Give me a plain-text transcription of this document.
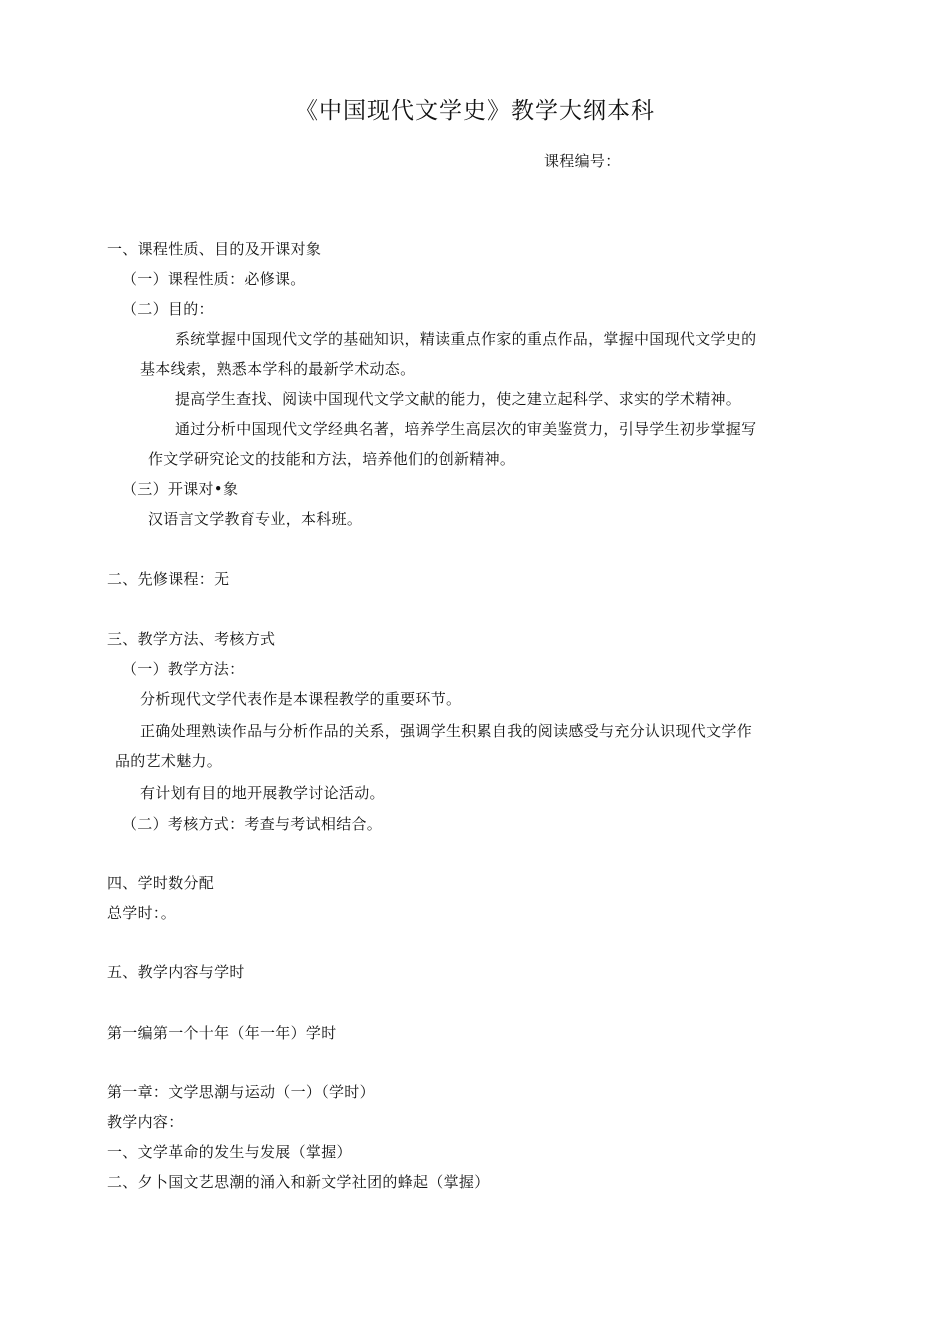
《中国现代文学史》教学大纲本科
课程编号：
一、课程性质、目的及开课对象
（一）课程性质：必修课。
（二）目的：
系统掌握中国现代文学的基础知识，精读重点作家的重点作品，掌握中国现代文学史的
基本线索，熟悉本学科的最新学术动态。
提高学生查找、阅读中国现代文学文献的能力，使之建立起科学、求实的学术精神。
通过分析中国现代文学经典名著，培养学生高层次的审美鉴赏力，引导学生初步掌握写
作文学研究论文的技能和方法，培养他们的创新精神。
（三）开课对•象
汉语言文学教育专业，本科班。
二、先修课程：无
三、教学方法、考核方式
（一）教学方法：
分析现代文学代表作是本课程教学的重要环节。
正确处理熟读作品与分析作品的关系，强调学生积累自我的阅读感受与充分认识现代文学作
品的艺术魅力。
有计划有目的地开展教学讨论活动。
（二）考核方式：考查与考试相结合。
四、学时数分配
总学时：。
五、教学内容与学时
第一编第一个十年（年一年）学时
第一章：文学思潮与运动（一）（学时）
教学内容：
一、文学革命的发生与发展（掌握）
二、夕卜国文艺思潮的涌入和新文学社团的蜂起（掌握）
